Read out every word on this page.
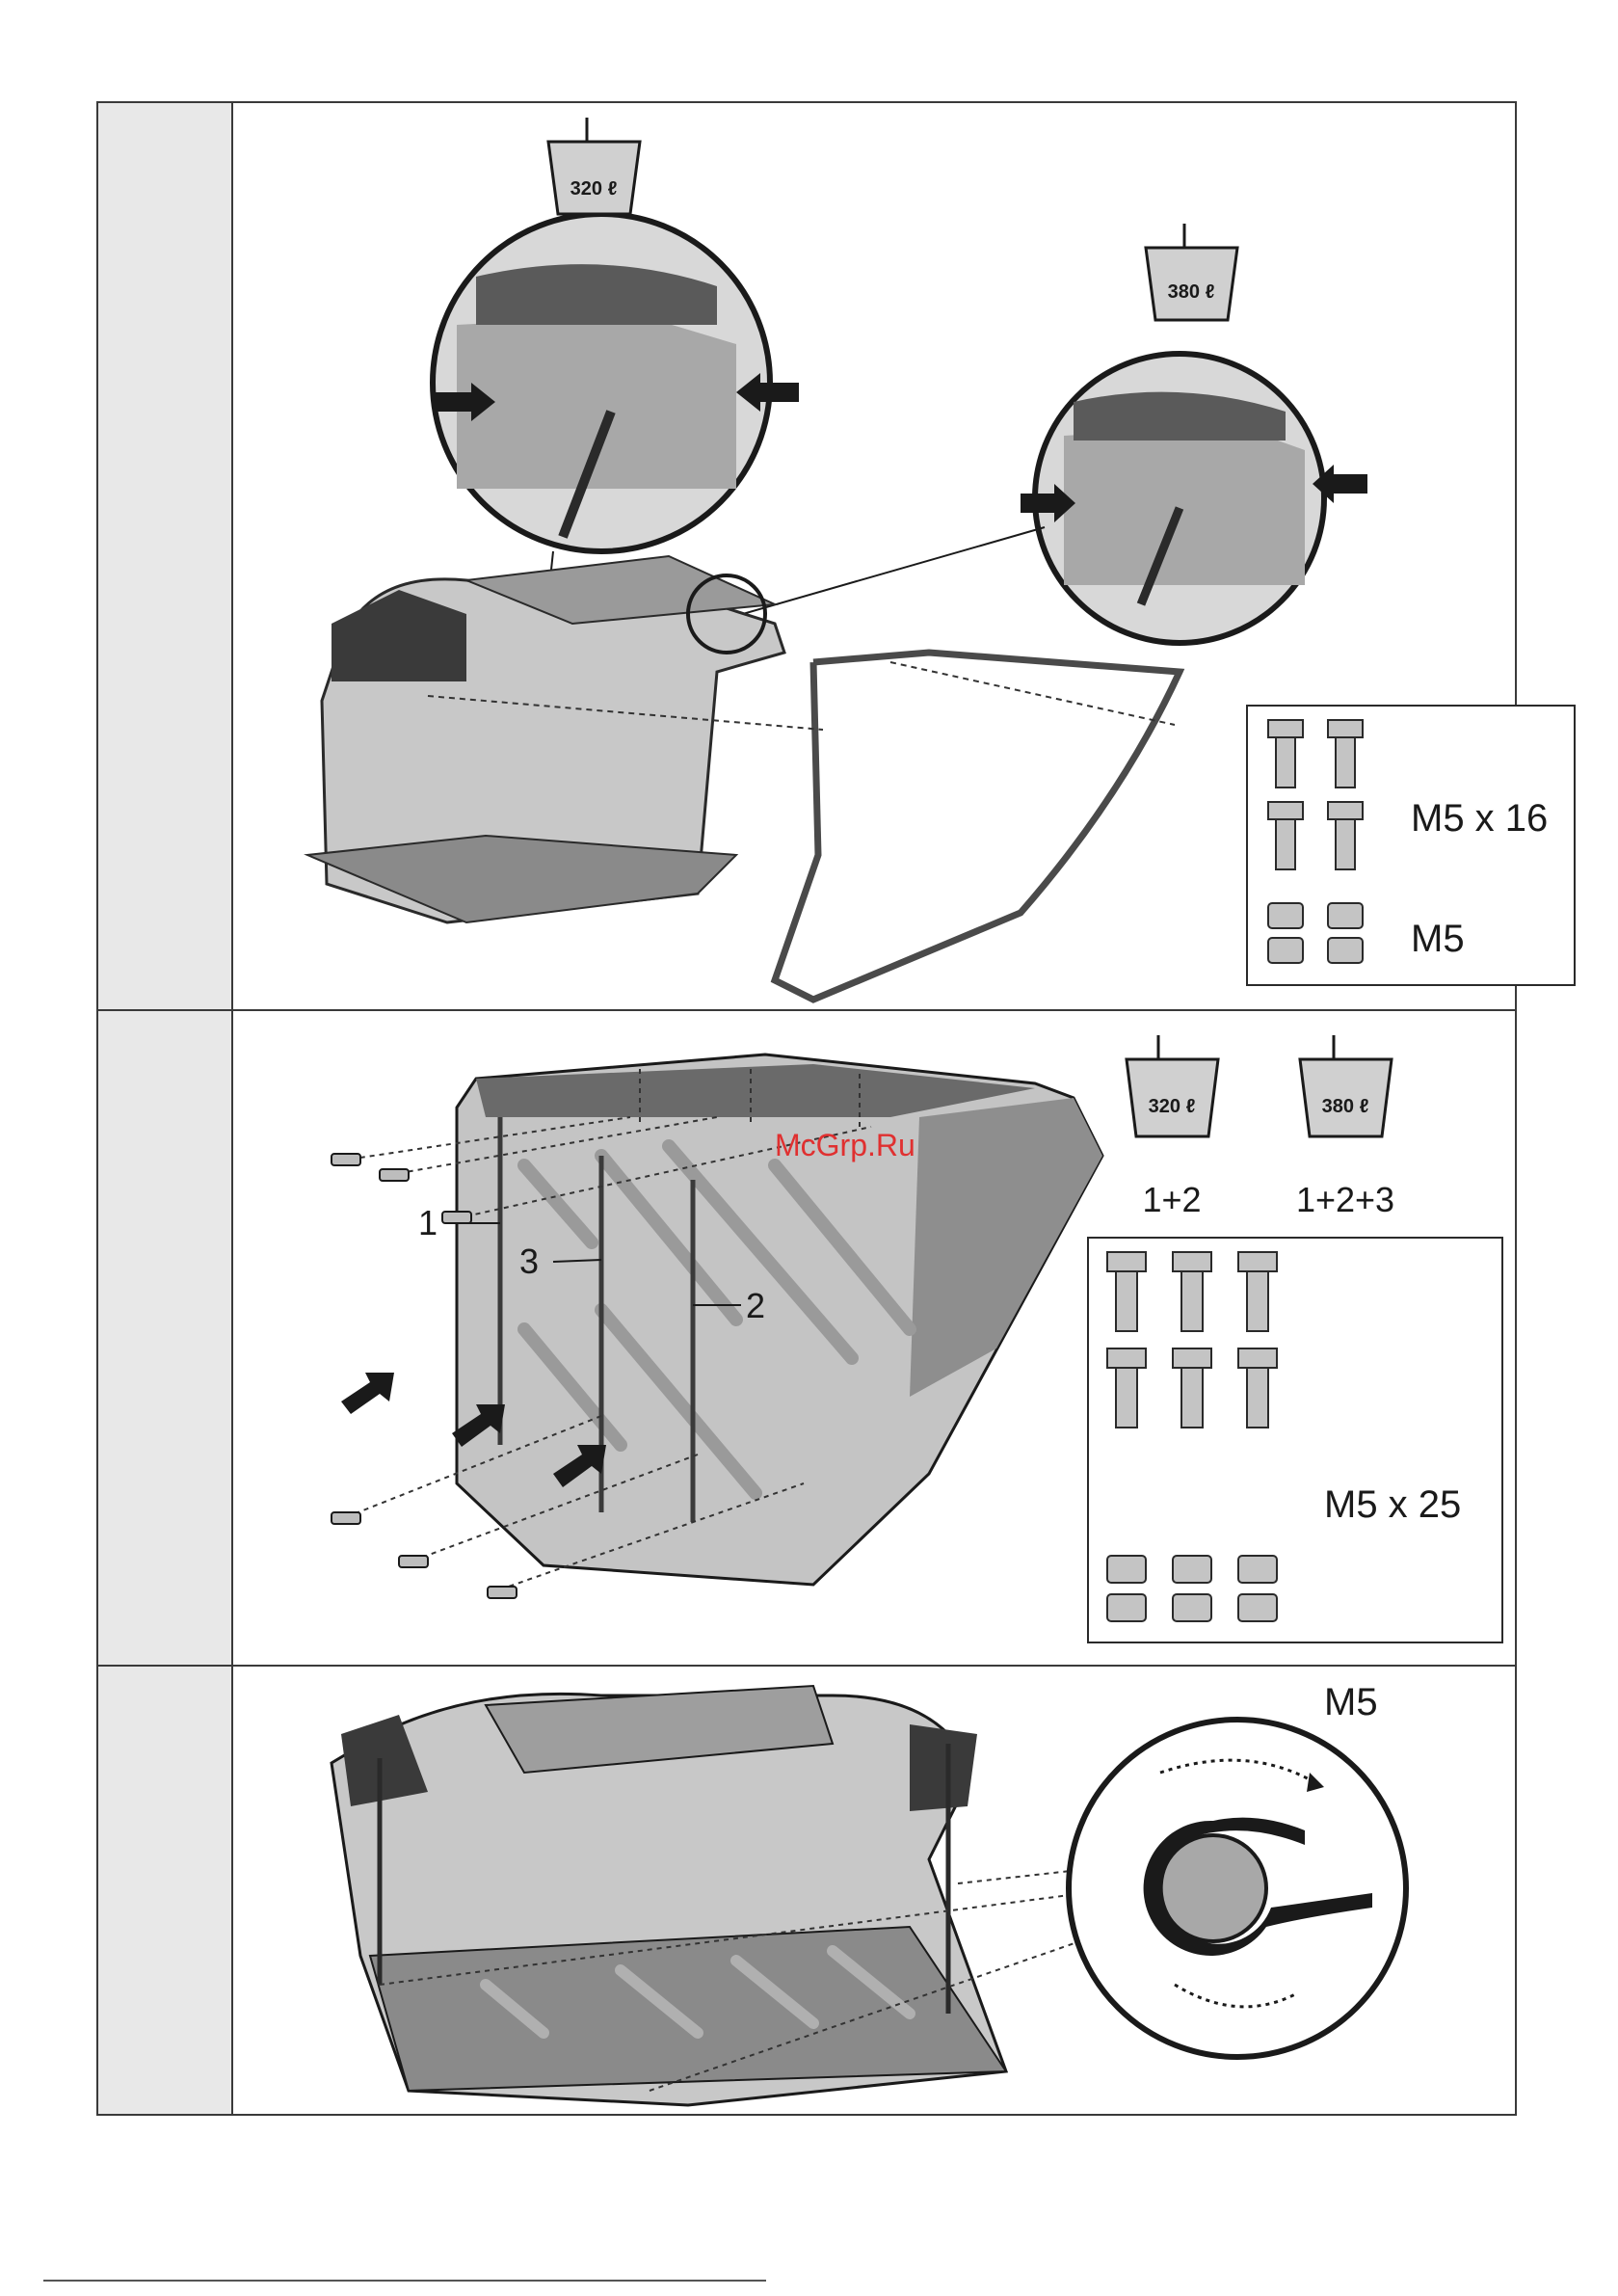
320 ℓ
380 ℓ
M5 x 16
M5
1
3
2
McGrp.Ru
320 ℓ	380 ℓ
1+2	1+2+3
M5 x 25
M5
